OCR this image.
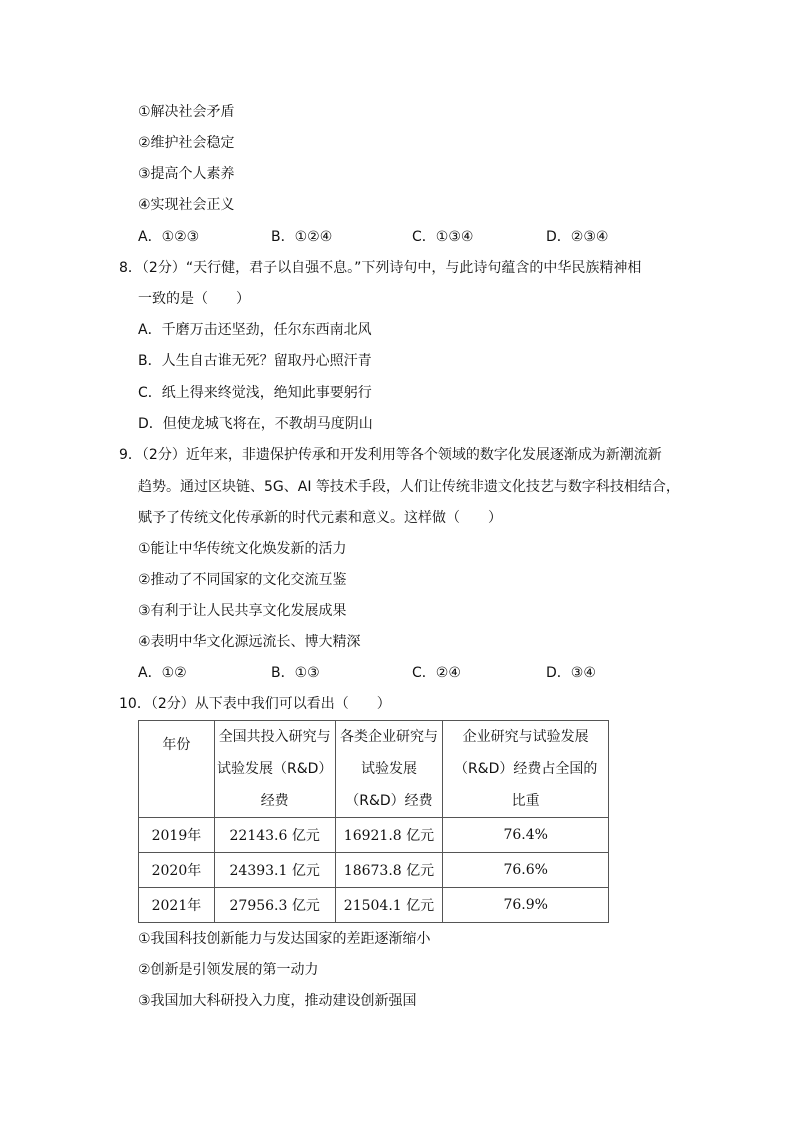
①解决社会矛盾
②维护社会稳定
③提高个人素养
④实现社会正义
A．①②③	B．①②④	C．①③④	D．②③④
8．（2分）“天行健，君子以自强不息。”下列诗句中，与此诗句蕴含的中华民族精神相
一致的是（　　）
A．千磨万击还坚劲，任尔东西南北风
B．人生自古谁无死？留取丹心照汗青
C．纸上得来终觉浅，绝知此事要躬行
D．但使龙城飞将在，不教胡马度阴山
9．（2分）近年来，非遗保护传承和开发利用等各个领域的数字化发展逐渐成为新潮流新
趋势。通过区块链、5G、AI 等技术手段，人们让传统非遗文化技艺与数字科技相结合，
赋予了传统文化传承新的时代元素和意义。这样做（　　）
①能让中华传统文化焕发新的活力
②推动了不同国家的文化交流互鉴
③有利于让人民共享文化发展成果
④表明中华文化源远流长、博大精深
A．①②	B．①③	C．②④	D．③④
10．（2分）从下表中我们可以看出（　　）
年份	全国共投入研究与试验发展（R&D）经费	各类企业研究与试验发展（R&D）经费	企业研究与试验发展（R&D）经费占全国的比重
2019年	22143.6 亿元	16921.8 亿元	76.4%
2020年	24393.1 亿元	18673.8 亿元	76.6%
2021年	27956.3 亿元	21504.1 亿元	76.9%
①我国科技创新能力与发达国家的差距逐渐缩小
②创新是引领发展的第一动力
③我国加大科研投入力度，推动建设创新强国
